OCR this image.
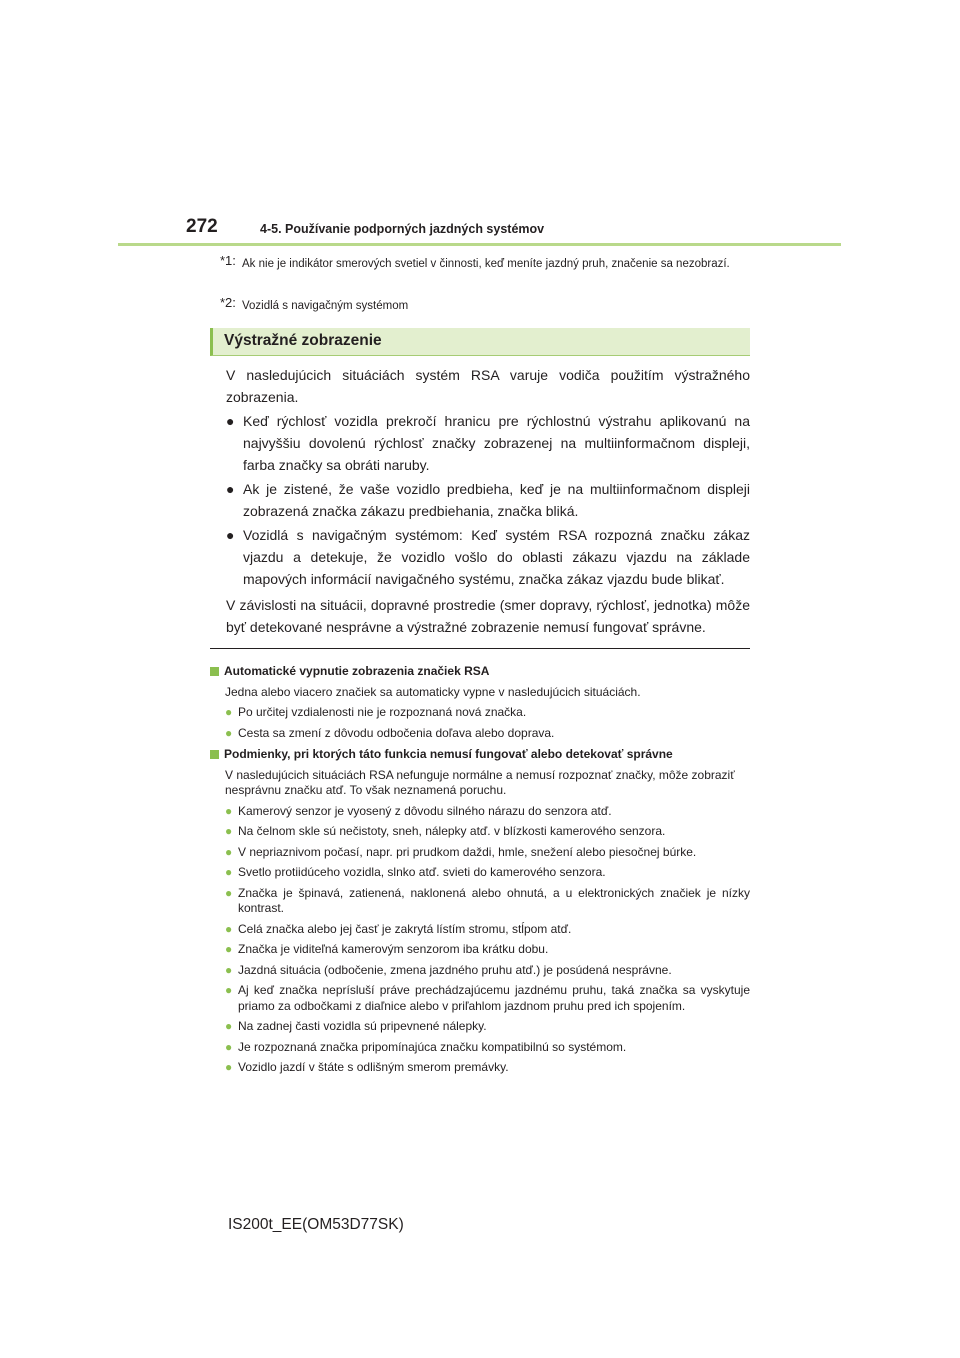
272	4-5. Používanie podporných jazdných systémov
*1: Ak nie je indikátor smerových svetiel v činnosti, keď meníte jazdný pruh, značenie sa nezobrazí.
*2: Vozidlá s navigačným systémom
Výstražné zobrazenie

V nasledujúcich situáciách systém RSA varuje vodiča použitím výstražného zobrazenia.

● Keď rýchlosť vozidla prekročí hranicu pre rýchlostnú výstrahu aplikovanú na najvyššiu dovolenú rýchlosť značky zobrazenej na multiinformačnom displeji, farba značky sa obráti naruby.
● Ak je zistené, že vaše vozidlo predbieha, keď je na multiinformačnom displeji zobrazená značka zákazu predbiehania, značka bliká.
● Vozidlá s navigačným systémom: Keď systém RSA rozpozná značku zákaz vjazdu a detekuje, že vozidlo vošlo do oblasti zákazu vjazdu na základe mapových informácií navigačného systému, značka zákaz vjazdu bude blikať.

V závislosti na situácii, dopravné prostredie (smer dopravy, rýchlosť, jednotka) môže byť detekované nesprávne a výstražné zobrazenie nemusí fungovať správne.

Automatické vypnutie zobrazenia značiek RSA
Jedna alebo viacero značiek sa automaticky vypne v nasledujúcich situáciách.
● Po určitej vzdialenosti nie je rozpoznaná nová značka.
● Cesta sa zmení z dôvodu odbočenia doľava alebo doprava.
Podmienky, pri ktorých táto funkcia nemusí fungovať alebo detekovať správne
V nasledujúcich situáciách RSA nefunguje normálne a nemusí rozpoznať značky, môže zobraziť nesprávnu značku atď. To však neznamená poruchu.
● Kamerový senzor je vyosený z dôvodu silného nárazu do senzora atď.
● Na čelnom skle sú nečistoty, sneh, nálepky atď. v blízkosti kamerového senzora.
● V nepriaznivom počasí, napr. pri prudkom daždi, hmle, snežení alebo piesočnej búrke.
● Svetlo protiidúceho vozidla, slnko atď. svieti do kamerového senzora.
● Značka je špinavá, zatienená, naklonená alebo ohnutá, a u elektronických značiek je nízky kontrast.
● Celá značka alebo jej časť je zakrytá lístím stromu, stĺpom atď.
● Značka je viditeľná kamerovým senzorom iba krátku dobu.
● Jazdná situácia (odbočenie, zmena jazdného pruhu atď.) je posúdená nesprávne.
● Aj keď značka neprísluší práve prechádzajúcemu jazdnému pruhu, taká značka sa vyskytuje priamo za odbočkami z diaľnice alebo v priľahlom jazdnom pruhu pred ich spojením.
● Na zadnej časti vozidla sú pripevnené nálepky.
● Je rozpoznaná značka pripomínajúca značku kompatibilnú so systémom.
● Vozidlo jazdí v štáte s odlišným smerom premávky.
IS200t_EE(OM53D77SK)
